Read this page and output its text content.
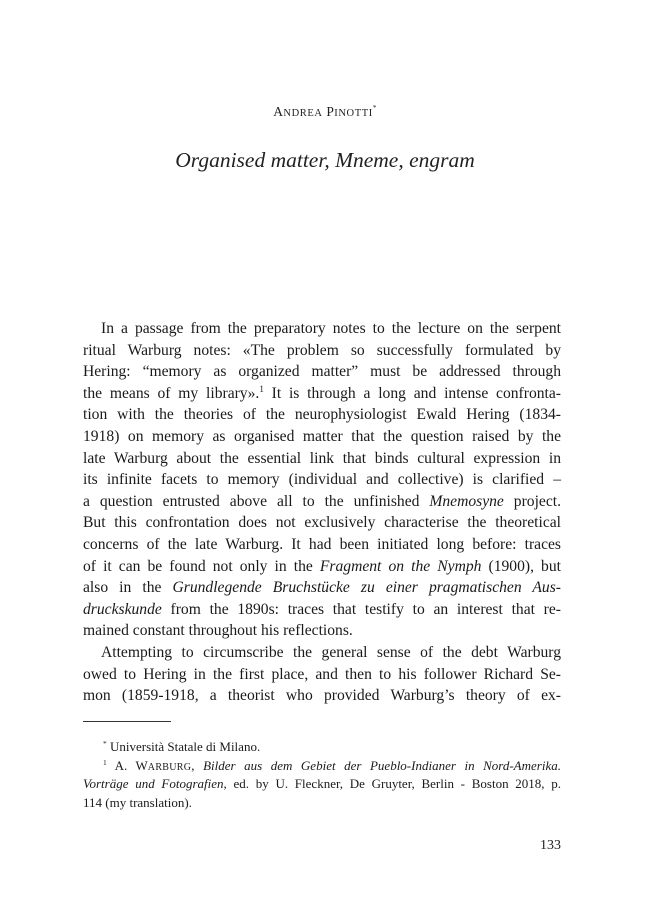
ANDREA PINOTTI*
Organised matter, Mneme, engram
In a passage from the preparatory notes to the lecture on the serpent
ritual Warburg notes: «The problem so successfully formulated by
Hering: “memory as organized matter” must be addressed through
the means of my library».$^1$ It is through a long and intense confronta-
tion with the theories of the neurophysiologist Ewald Hering (1834-
1918) on memory as organised matter that the question raised by the
late Warburg about the essential link that binds cultural expression in
its infinite facets to memory (individual and collective) is clarified –
a question entrusted above all to the unfinished Mnemosyne project.
But this confrontation does not exclusively characterise the theoretical
concerns of the late Warburg. It had been initiated long before: traces
of it can be found not only in the Fragment on the Nymph (1900), but
also in the Grundlegende Bruchstücke zu einer pragmatischen Aus-
druckskunde from the 1890s: traces that testify to an interest that re-
mained constant throughout his reflections.
Attempting to circumscribe the general sense of the debt Warburg
owed to Hering in the first place, and then to his follower Richard Se-
mon (1859-1918, a theorist who provided Warburg’s theory of ex-
* Università Statale di Milano.
$^1$ A. WARBURG, Bilder aus dem Gebiet der Pueblo-Indianer in Nord-Amerika.
Vorträge und Fotografien, ed. by U. Fleckner, De Gruyter, Berlin - Boston 2018, p.
114 (my translation).
133
